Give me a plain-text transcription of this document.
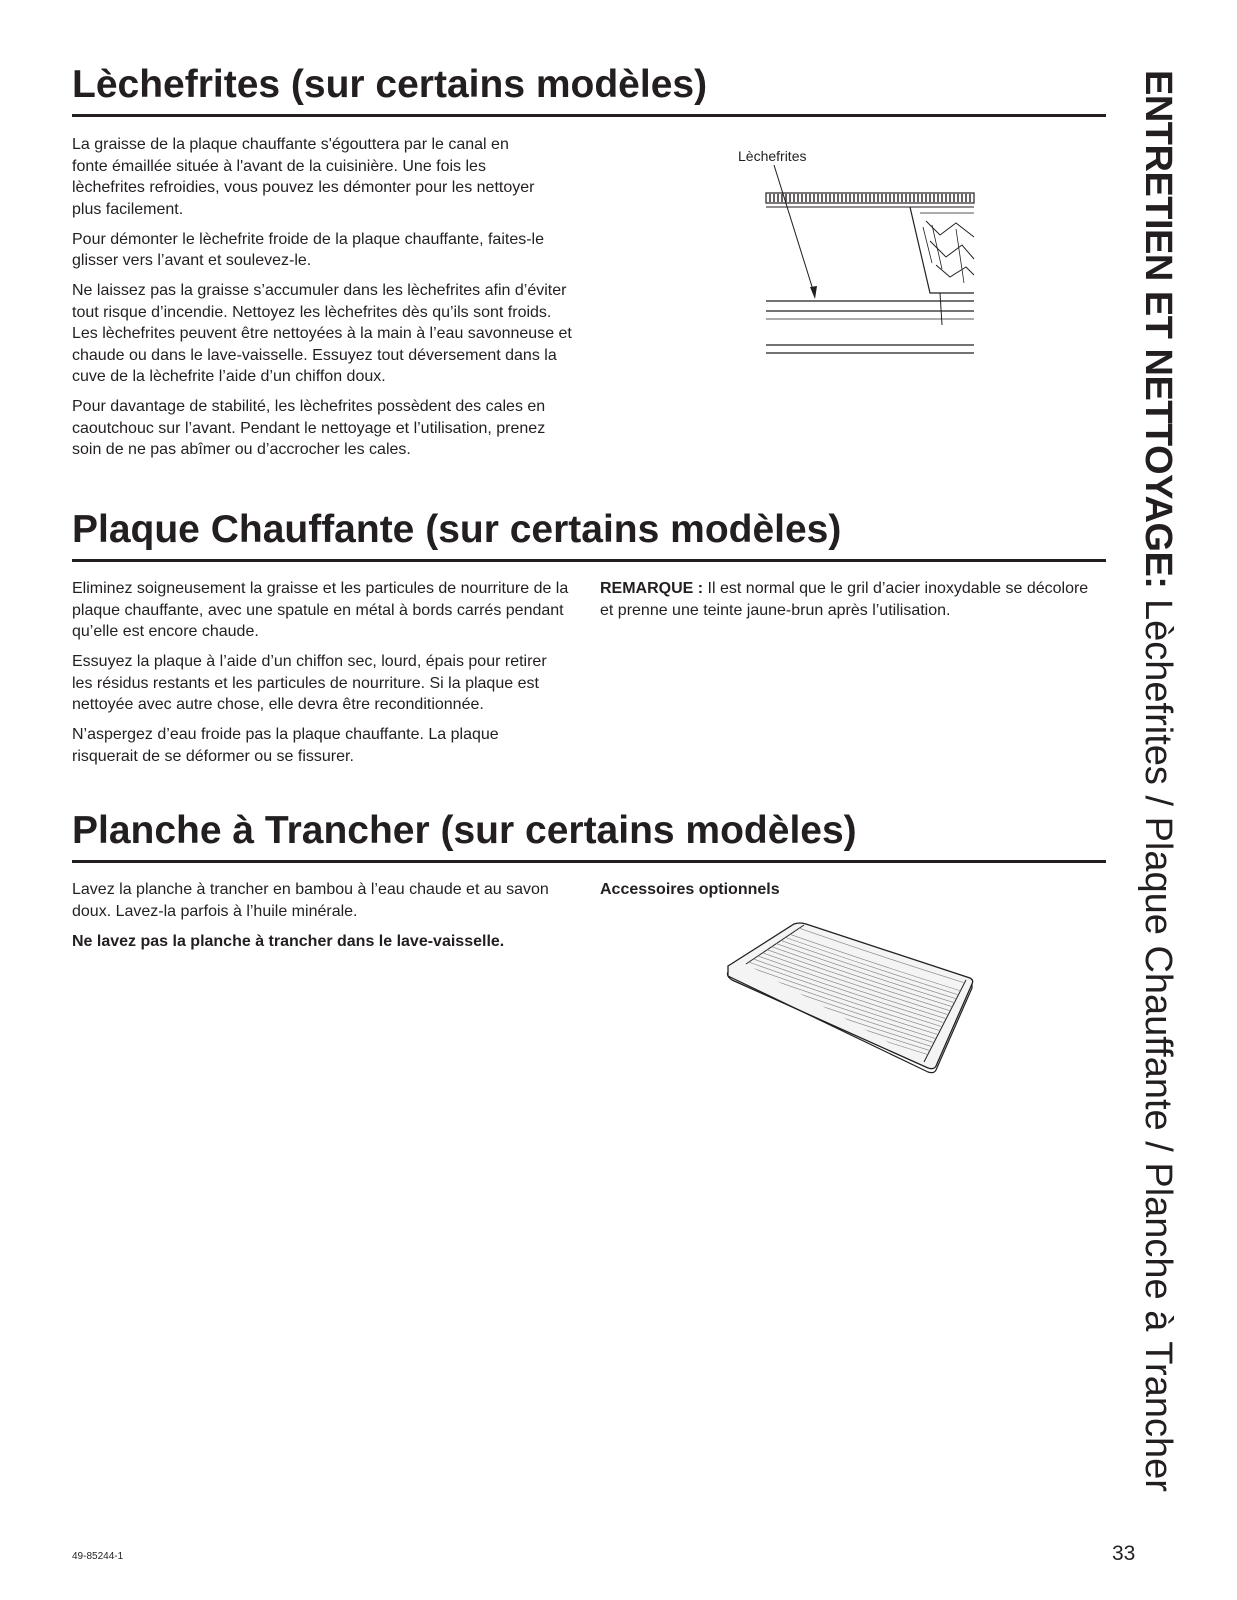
ENTRETIEN ET NETTOYAGE: Lèchefrites / Plaque Chauffante / Planche à Trancher
Lèchefrites (sur certains modèles)

La graisse de la plaque chauffante s'égouttera par le canal en fonte émaillée située à l'avant de la cuisinière. Une fois les lèchefrites refroidies, vous pouvez les démonter pour les nettoyer plus facilement.

Pour démonter le lèchefrite froide de la plaque chauffante, faites-le glisser vers l’avant et soulevez-le.

Ne laissez pas la graisse s’accumuler dans les lèchefrites afin d’éviter tout risque d’incendie. Nettoyez les lèchefrites dès qu’ils sont froids. Les lèchefrites peuvent être nettoyées à la main à l’eau savonneuse et chaude ou dans le lave-vaisselle. Essuyez tout déversement dans la cuve de la lèchefrite l’aide d’un chiffon doux.

Pour davantage de stabilité, les lèchefrites possèdent des cales en caoutchouc sur l’avant. Pendant le nettoyage et l’utilisation, prenez soin de ne pas abîmer ou d’accrocher les cales.

Lèchefrites
Plaque Chauffante (sur certains modèles)

Eliminez soigneusement la graisse et les particules de nourriture de la plaque chauffante, avec une spatule en métal à bords carrés pendant qu’elle est encore chaude.

Essuyez la plaque à l’aide d’un chiffon sec, lourd, épais pour retirer les résidus restants et les particules de nourriture. Si la plaque est nettoyée avec autre chose, elle devra être reconditionnée.

N’aspergez d’eau froide pas la plaque chauffante. La plaque risquerait de se déformer ou se fissurer.

REMARQUE : Il est normal que le gril d’acier inoxydable se décolore et prenne une teinte jaune-brun après l’utilisation.

Planche à Trancher (sur certains modèles)

Lavez la planche à trancher en bambou à l’eau chaude et au savon doux. Lavez-la parfois à l’huile minérale.

Ne lavez pas la planche à trancher dans le lave-vaisselle.

Accessoires optionnels

49-85244-1	33
